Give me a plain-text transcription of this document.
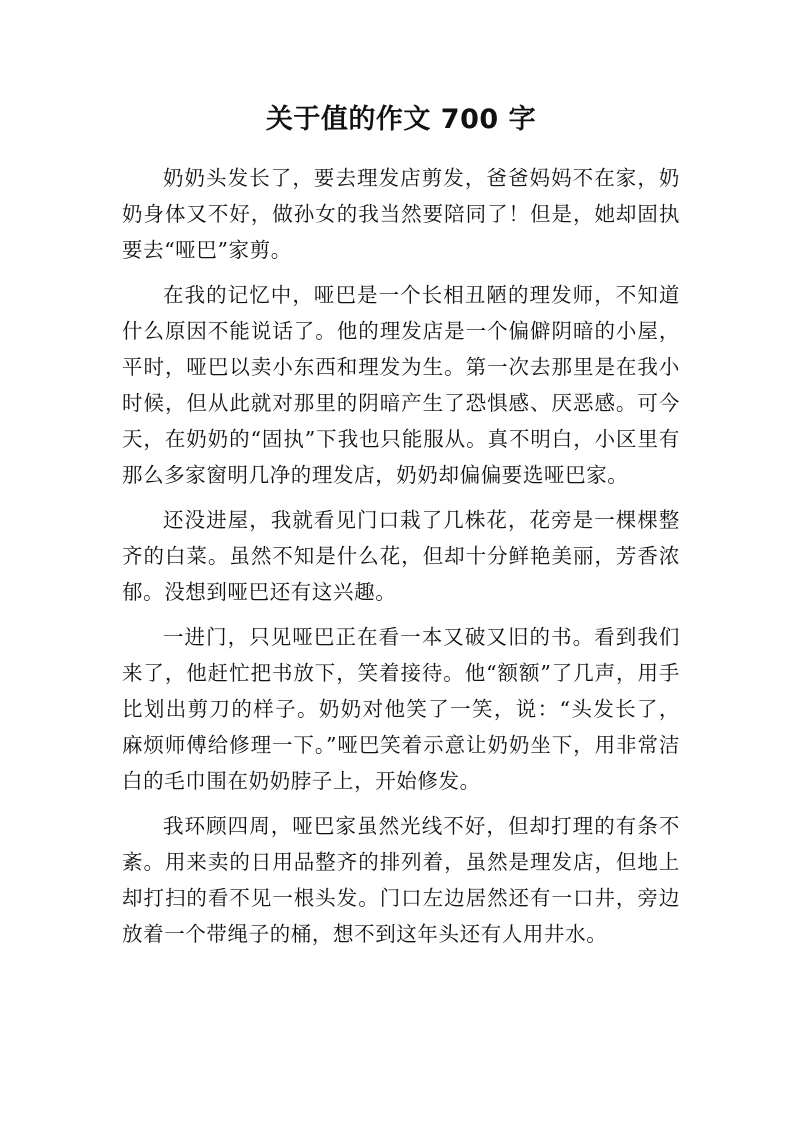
关于值的作文 700 字

奶奶头发长了，要去理发店剪发，爸爸妈妈不在家，奶奶身体又不好，做孙女的我当然要陪同了！但是，她却固执要去“哑巴”家剪。

在我的记忆中，哑巴是一个长相丑陋的理发师，不知道什么原因不能说话了。他的理发店是一个偏僻阴暗的小屋，平时，哑巴以卖小东西和理发为生。第一次去那里是在我小时候，但从此就对那里的阴暗产生了恐惧感、厌恶感。可今天，在奶奶的“固执”下我也只能服从。真不明白，小区里有那么多家窗明几净的理发店，奶奶却偏偏要选哑巴家。

还没进屋，我就看见门口栽了几株花，花旁是一棵棵整齐的白菜。虽然不知是什么花，但却十分鲜艳美丽，芳香浓郁。没想到哑巴还有这兴趣。

一进门，只见哑巴正在看一本又破又旧的书。看到我们来了，他赶忙把书放下，笑着接待。他“额额”了几声，用手比划出剪刀的样子。奶奶对他笑了一笑，说：“头发长了，麻烦师傅给修理一下。”哑巴笑着示意让奶奶坐下，用非常洁白的毛巾围在奶奶脖子上，开始修发。

我环顾四周，哑巴家虽然光线不好，但却打理的有条不紊。用来卖的日用品整齐的排列着，虽然是理发店，但地上却打扫的看不见一根头发。门口左边居然还有一口井，旁边放着一个带绳子的桶，想不到这年头还有人用井水。
